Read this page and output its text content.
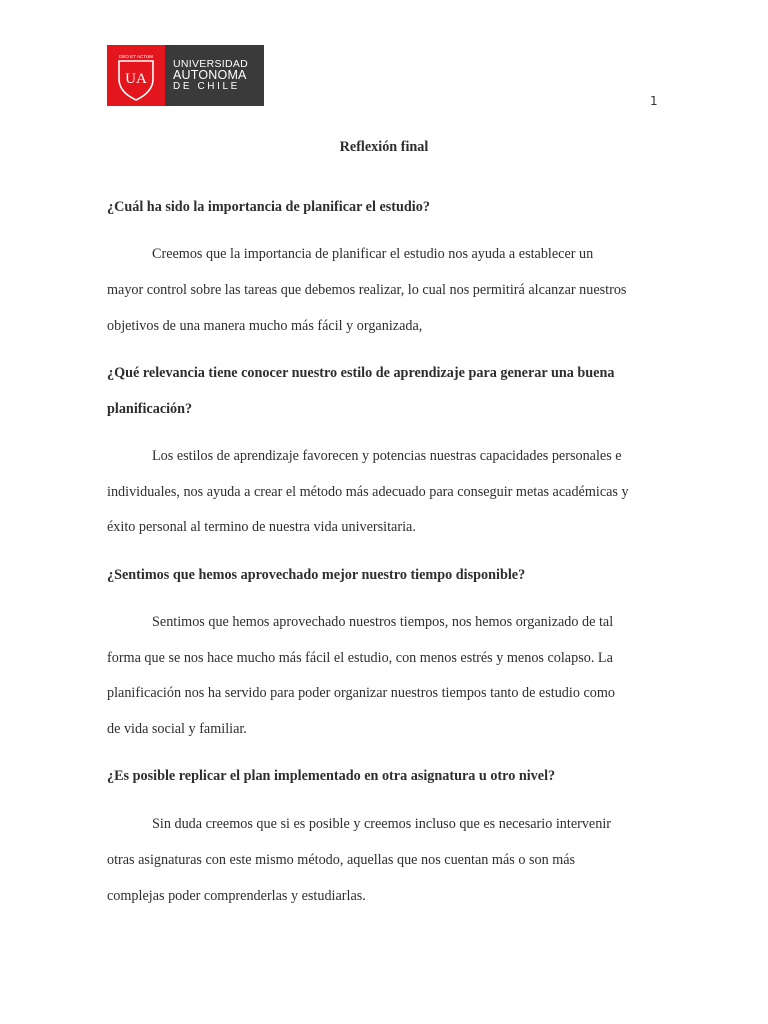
DEO ET ACTUM
UA
UNIVERSIDAD
AUTONOMA
DE CHILE
1
Reflexión final
¿Cuál ha sido la importancia de planificar el estudio?
Creemos que la importancia de planificar el estudio nos ayuda a establecer un
mayor control sobre las tareas que debemos realizar, lo cual nos permitirá alcanzar nuestros
objetivos de una manera mucho más fácil y organizada,
¿Qué relevancia tiene conocer nuestro estilo de aprendizaje para generar una buena
planificación?
Los estilos de aprendizaje favorecen y potencias nuestras capacidades personales e
individuales, nos ayuda a crear el método más adecuado para conseguir metas académicas y
éxito personal al termino de nuestra vida universitaria.
¿Sentimos que hemos aprovechado mejor nuestro tiempo disponible?
Sentimos que hemos aprovechado nuestros tiempos, nos hemos organizado de tal
forma que se nos hace mucho más fácil el estudio, con menos estrés y menos colapso. La
planificación nos ha servido para poder organizar nuestros tiempos tanto de estudio como
de vida social y familiar.
¿Es posible replicar el plan implementado en otra asignatura u otro nivel?
Sin duda creemos que si es posible y creemos incluso que es necesario intervenir
otras asignaturas con este mismo método, aquellas que nos cuentan más o son más
complejas poder comprenderlas y estudiarlas.
